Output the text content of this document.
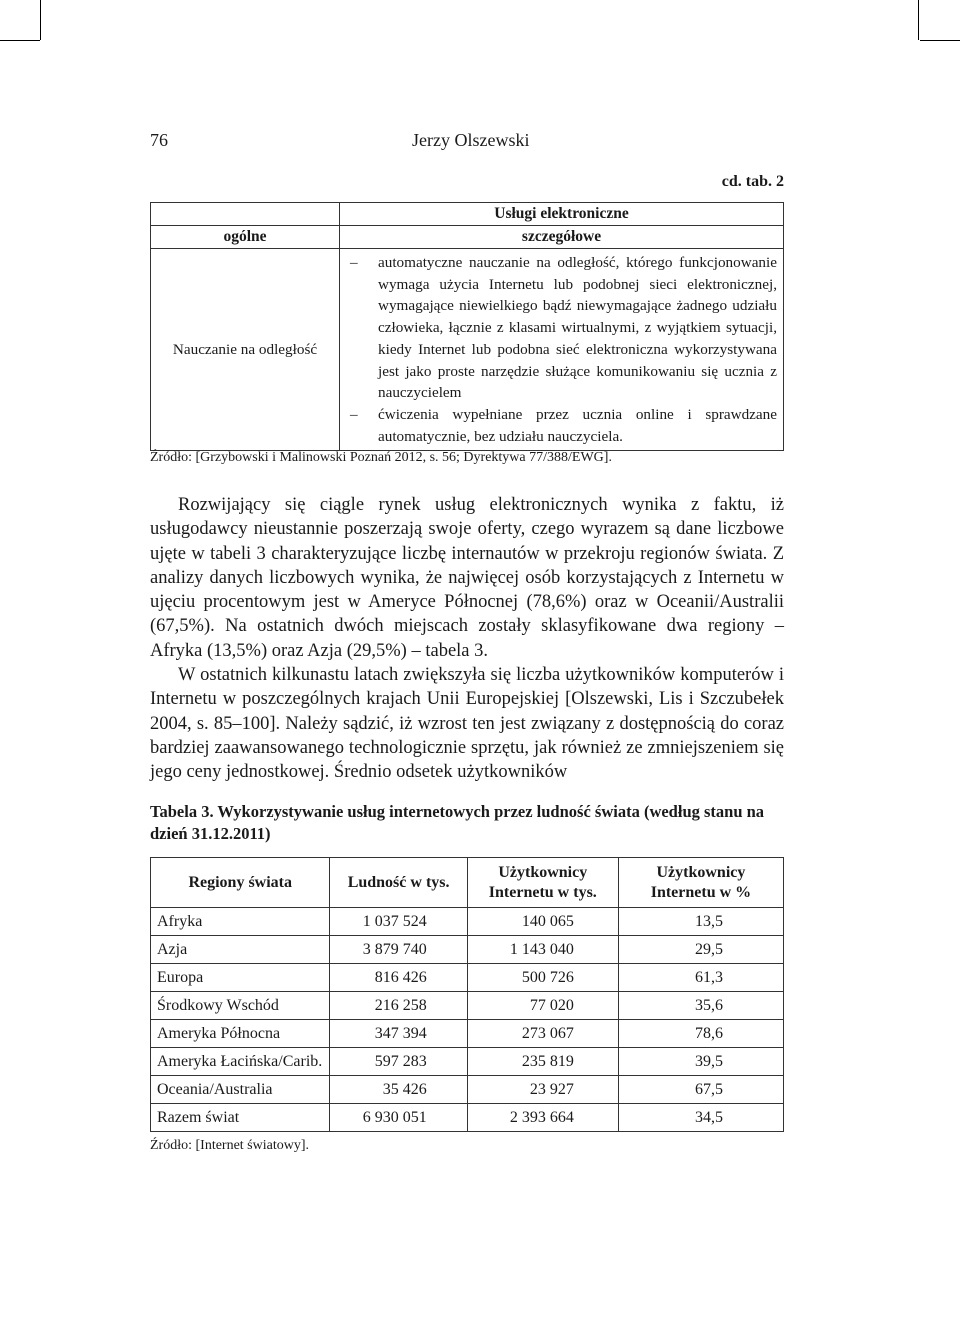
76	Jerzy Olszewski
cd. tab. 2
	Usługi elektroniczne
ogólne	szczegółowe
Nauczanie na odległość	– automatyczne nauczanie na odległość, którego funkcjonowanie wymaga użycia Internetu lub podobnej sieci elektronicznej, wymagające niewielkiego bądź niewymagające żadnego udziału człowieka, łącznie z klasami wirtualnymi, z wyjątkiem sytuacji, kiedy Internet lub podobna sieć elektroniczna wykorzystywana jest jako proste narzędzie służące komunikowaniu się ucznia z nauczycielem
– ćwiczenia wypełniane przez ucznia online i sprawdzane automatycznie, bez udziału nauczyciela.
Źródło: [Grzybowski i Malinowski Poznań 2012, s. 56; Dyrektywa 77/388/EWG].

Rozwijający się ciągle rynek usług elektronicznych wynika z faktu, iż usługodawcy nieustannie poszerzają swoje oferty, czego wyrazem są dane liczbowe ujęte w tabeli 3 charakteryzujące liczbę internautów w przekroju regionów świata. Z analizy danych liczbowych wynika, że najwięcej osób korzystających z Internetu w ujęciu procentowym jest w Ameryce Północnej (78,6%) oraz w Oceanii/Australii (67,5%). Na ostatnich dwóch miejscach zostały sklasyfikowane dwa regiony – Afryka (13,5%) oraz Azja (29,5%) – tabela 3.

W ostatnich kilkunastu latach zwiększyła się liczba użytkowników komputerów i Internetu w poszczególnych krajach Unii Europejskiej [Olszewski, Lis i Szczubełek 2004, s. 85–100]. Należy sądzić, iż wzrost ten jest związany z dostępnością do coraz bardziej zaawansowanego technologicznie sprzętu, jak również ze zmniejszeniem się jego ceny jednostkowej. Średnio odsetek użytkowników

Tabela 3. Wykorzystywanie usług internetowych przez ludność świata (według stanu na dzień 31.12.2011)
Regiony świata	Ludność w tys.	Użytkownicy Internetu w tys.	Użytkownicy Internetu w %
Afryka	1 037 524	140 065	13,5
Azja	3 879 740	1 143 040	29,5
Europa	816 426	500 726	61,3
Środkowy Wschód	216 258	77 020	35,6
Ameryka Północna	347 394	273 067	78,6
Ameryka Łacińska/Carib.	597 283	235 819	39,5
Oceania/Australia	35 426	23 927	67,5
Razem świat	6 930 051	2 393 664	34,5
Źródło: [Internet światowy].
